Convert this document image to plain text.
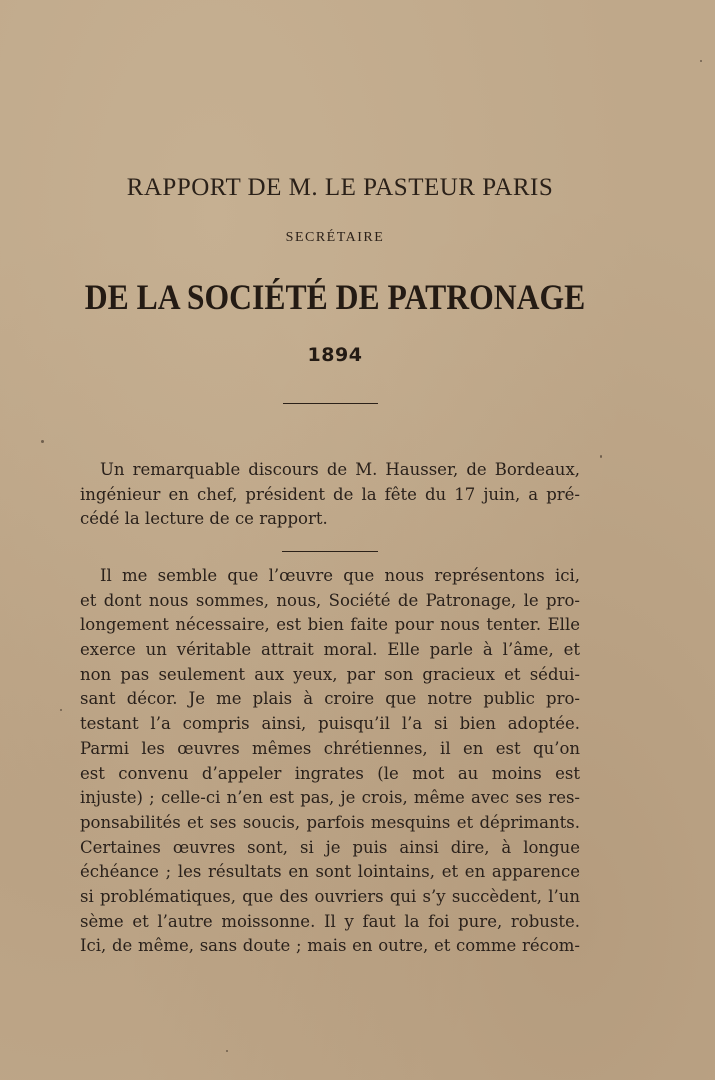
RAPPORT DE M. LE PASTEUR PARIS
SECRÉTAIRE
DE LA SOCIÉTÉ DE PATRONAGE
1894
Un remarquable discours de M. Hausser, de Bordeaux,
ingénieur en chef, président de la fête du 17 juin, a pré-
cédé la lecture de ce rapport.
Il me semble que l’œuvre que nous représentons ici,
et dont nous sommes, nous, Société de Patronage, le pro-
longement nécessaire, est bien faite pour nous tenter. Elle
exerce un véritable attrait moral. Elle parle à l’âme, et
non pas seulement aux yeux, par son gracieux et sédui-
sant décor. Je me plais à croire que notre public pro-
testant l’a compris ainsi, puisqu’il l’a si bien adoptée.
Parmi les œuvres mêmes chrétiennes, il en est qu’on
est convenu d’appeler ingrates (le mot au moins est
injuste) ; celle-ci n’en est pas, je crois, même avec ses res-
ponsabilités et ses soucis, parfois mesquins et déprimants.
Certaines œuvres sont, si je puis ainsi dire, à longue
échéance ; les résultats en sont lointains, et en apparence
si problématiques, que des ouvriers qui s’y succèdent, l’un
sème et l’autre moissonne. Il y faut la foi pure, robuste.
Ici, de même, sans doute ; mais en outre, et comme récom-
